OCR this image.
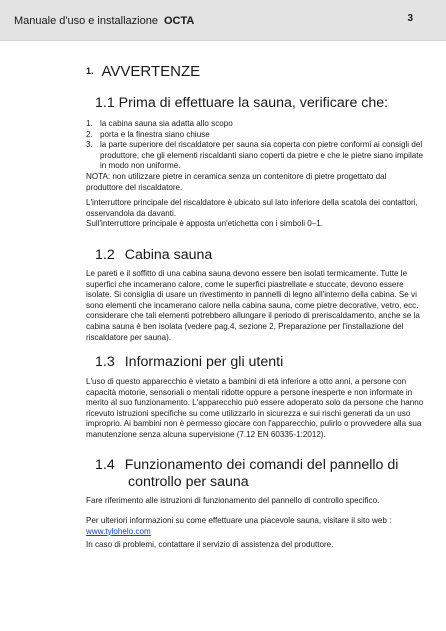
Manuale d'uso e installazione OCTA	3
1. AVVERTENZE
1.1 Prima di effettuare la sauna, verificare che:
1. la cabina sauna sia adatta allo scopo
2. porta e la finestra siano chiuse
3. la parte superiore del riscaldatore per sauna sia coperta con pietre conformi ai consigli del produttore, che gli elementi riscaldanti siano coperti da pietre e che le pietre siano impilate in modo non uniforme.
NOTA: non utilizzare pietre in ceramica senza un contenitore di pietre progettato dal produttore del riscaldatore.
L'interruttore principale del riscaldatore è ubicato sul lato inferiore della scatola dei contattori, osservandola da davanti.
Sull'interruttore principale è apposta un'etichetta con i simboli 0–1.
1.2 Cabina sauna
Le pareti e il soffitto di una cabina sauna devono essere ben isolati termicamente. Tutte le superfici che incamerano calore, come le superfici piastrellate e stuccate, devono essere isolate. Si consiglia di usare un rivestimento in pannelli di legno all'interno della cabina. Se vi sono elementi che incamerano calore nella cabina sauna, come pietre decorative, vetro, ecc. considerare che tali elementi potrebbero allungare il periodo di preriscaldamento, anche se la cabina sauna è ben isolata (vedere pag.4, sezione 2, Preparazione per l'installazione del riscaldatore per sauna).
1.3 Informazioni per gli utenti
L'uso di questo apparecchio è vietato a bambini di età inferiore a otto anni, a persone con capacità motorie, sensoriali o mentali ridotte oppure a persone inesperte e non informate in merito al suo funzionamento. L'apparecchio può essere adoperato solo da persone che hanno ricevuto istruzioni specifiche su come utilizzarlo in sicurezza e sui rischi generati da un uso improprio. Ai bambini non è permesso giocare con l'apparecchio, pulirlo o provvedere alla sua manutenzione senza alcuna supervisione (7.12 EN 60335-1:2012).
1.4 Funzionamento dei comandi del pannello di
controllo per sauna
Fare riferimento alle istruzioni di funzionamento del pannello di controllo specifico.
Per ulteriori informazioni su come effettuare una piacevole sauna, visitare il sito web :
www.tylohelo.com
In caso di problemi, contattare il servizio di assistenza del produttore.
